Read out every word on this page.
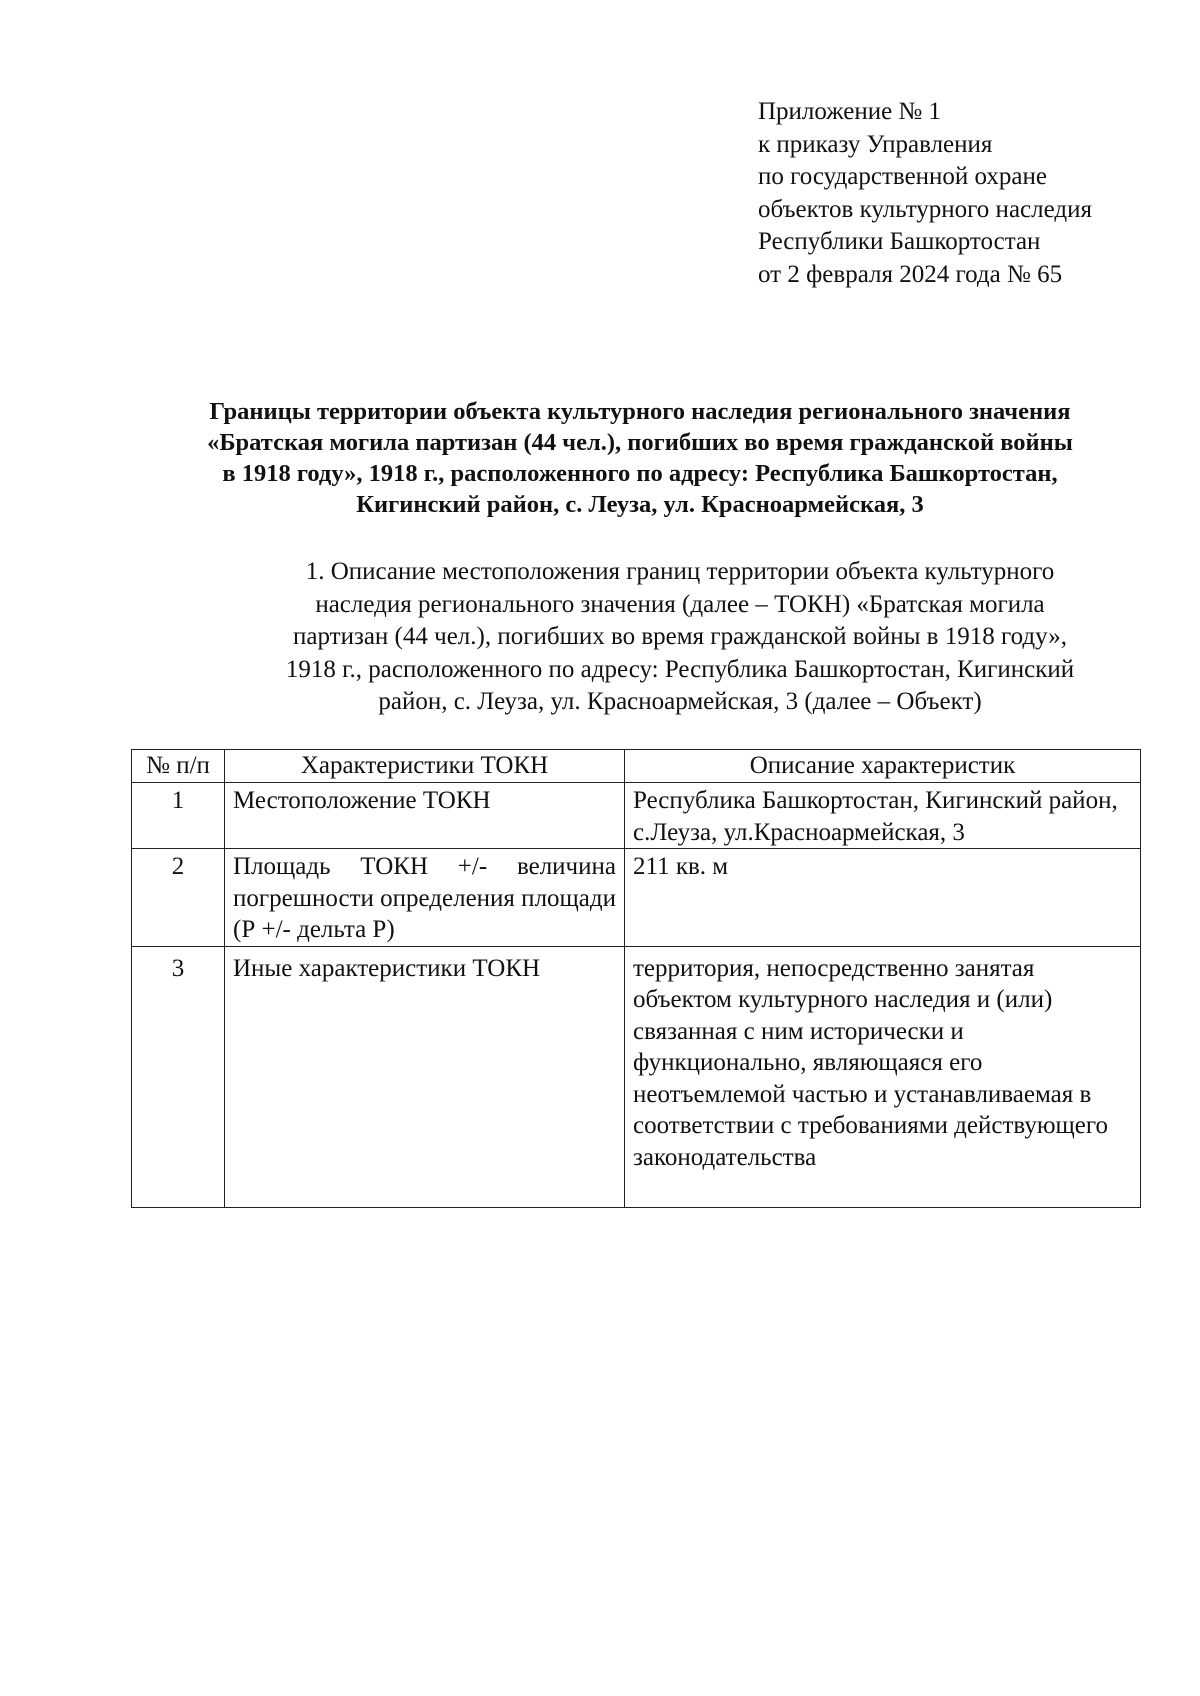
Приложение № 1
к приказу Управления
по государственной охране
объектов культурного наследия
Республики Башкортостан
от 2 февраля 2024 года № 65
Границы территории объекта культурного наследия регионального значения
«Братская могила партизан (44 чел.), погибших во время гражданской войны
в 1918 году», 1918 г., расположенного по адресу: Республика Башкортостан,
Кигинский район, с. Леуза, ул. Красноармейская, 3
1. Описание местоположения границ территории объекта культурного
наследия регионального значения (далее – ТОКН) «Братская могила
партизан (44 чел.), погибших во время гражданской войны в 1918 году»,
1918 г., расположенного по адресу: Республика Башкортостан, Кигинский
район, с. Леуза, ул. Красноармейская, 3 (далее – Объект)
№ п/п	Характеристики ТОКН	Описание характеристик
1	Местоположение ТОКН	Республика Башкортостан, Кигинский район, с.Леуза, ул.Красноармейская, 3
2	Площадь ТОКН +/- величина погрешности определения площади (Р +/- дельта Р)	211 кв. м
3	Иные характеристики ТОКН	территория, непосредственно занятая объектом культурного наследия и (или) связанная с ним исторически и функционально, являющаяся его неотъемлемой частью и устанавливаемая в соответствии с требованиями действующего законодательства
